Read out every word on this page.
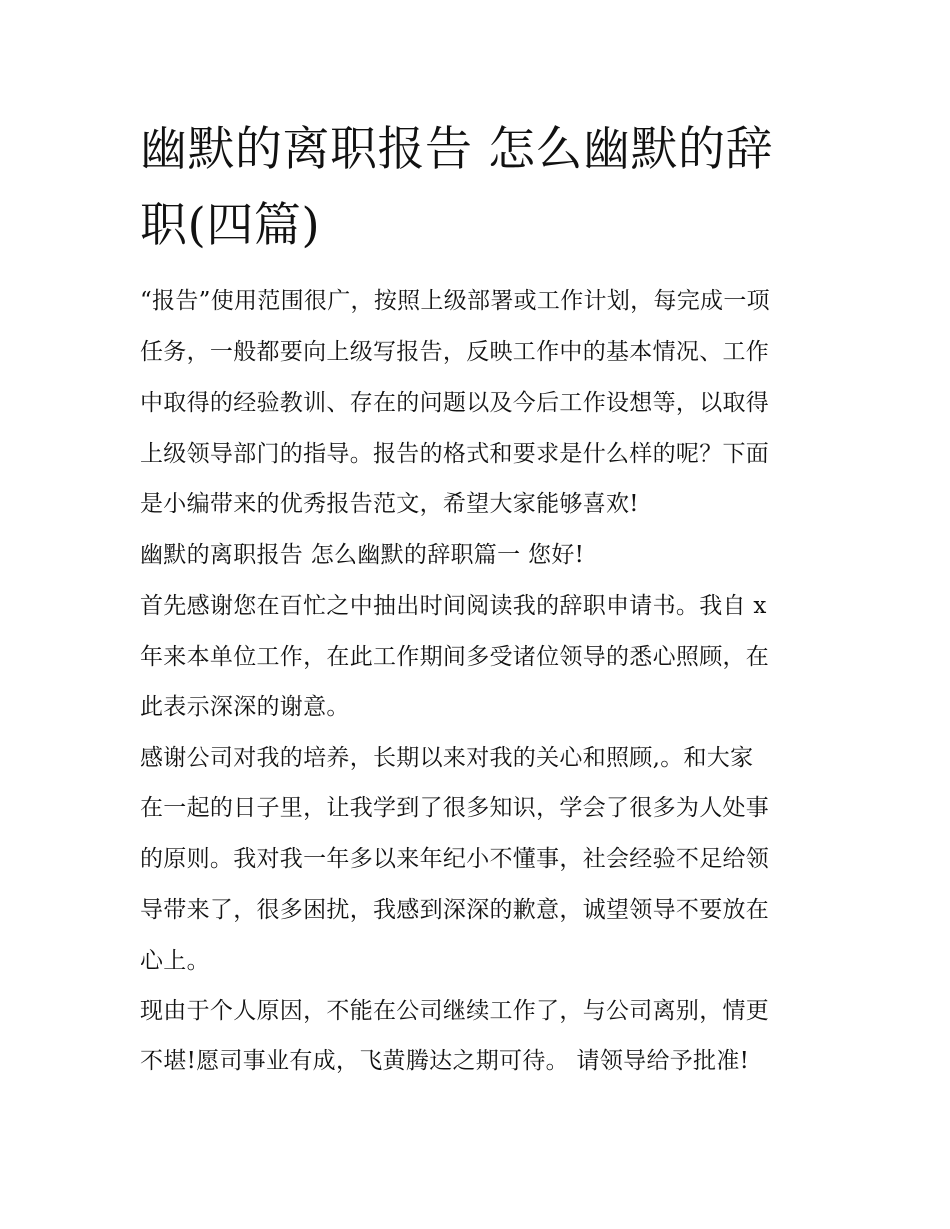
幽默的离职报告 怎么幽默的辞
职(四篇)

“报告”使用范围很广，按照上级部署或工作计划，每完成一项

任务，一般都要向上级写报告，反映工作中的基本情况、工作

中取得的经验教训、存在的问题以及今后工作设想等，以取得

上级领导部门的指导。报告的格式和要求是什么样的呢？下面

是小编带来的优秀报告范文，希望大家能够喜欢!

幽默的离职报告 怎么幽默的辞职篇一 您好!

首先感谢您在百忙之中抽出时间阅读我的辞职申请书。我自 x

年来本单位工作，在此工作期间多受诸位领导的悉心照顾，在

此表示深深的谢意。

感谢公司对我的培养，长期以来对我的关心和照顾,。和大家

在一起的日子里，让我学到了很多知识，学会了很多为人处事

的原则。我对我一年多以来年纪小不懂事，社会经验不足给领

导带来了，很多困扰，我感到深深的歉意，诚望领导不要放在

心上。

现由于个人原因，不能在公司继续工作了，与公司离别，情更

不堪!愿司事业有成，飞黄腾达之期可待。 请领导给予批准!
